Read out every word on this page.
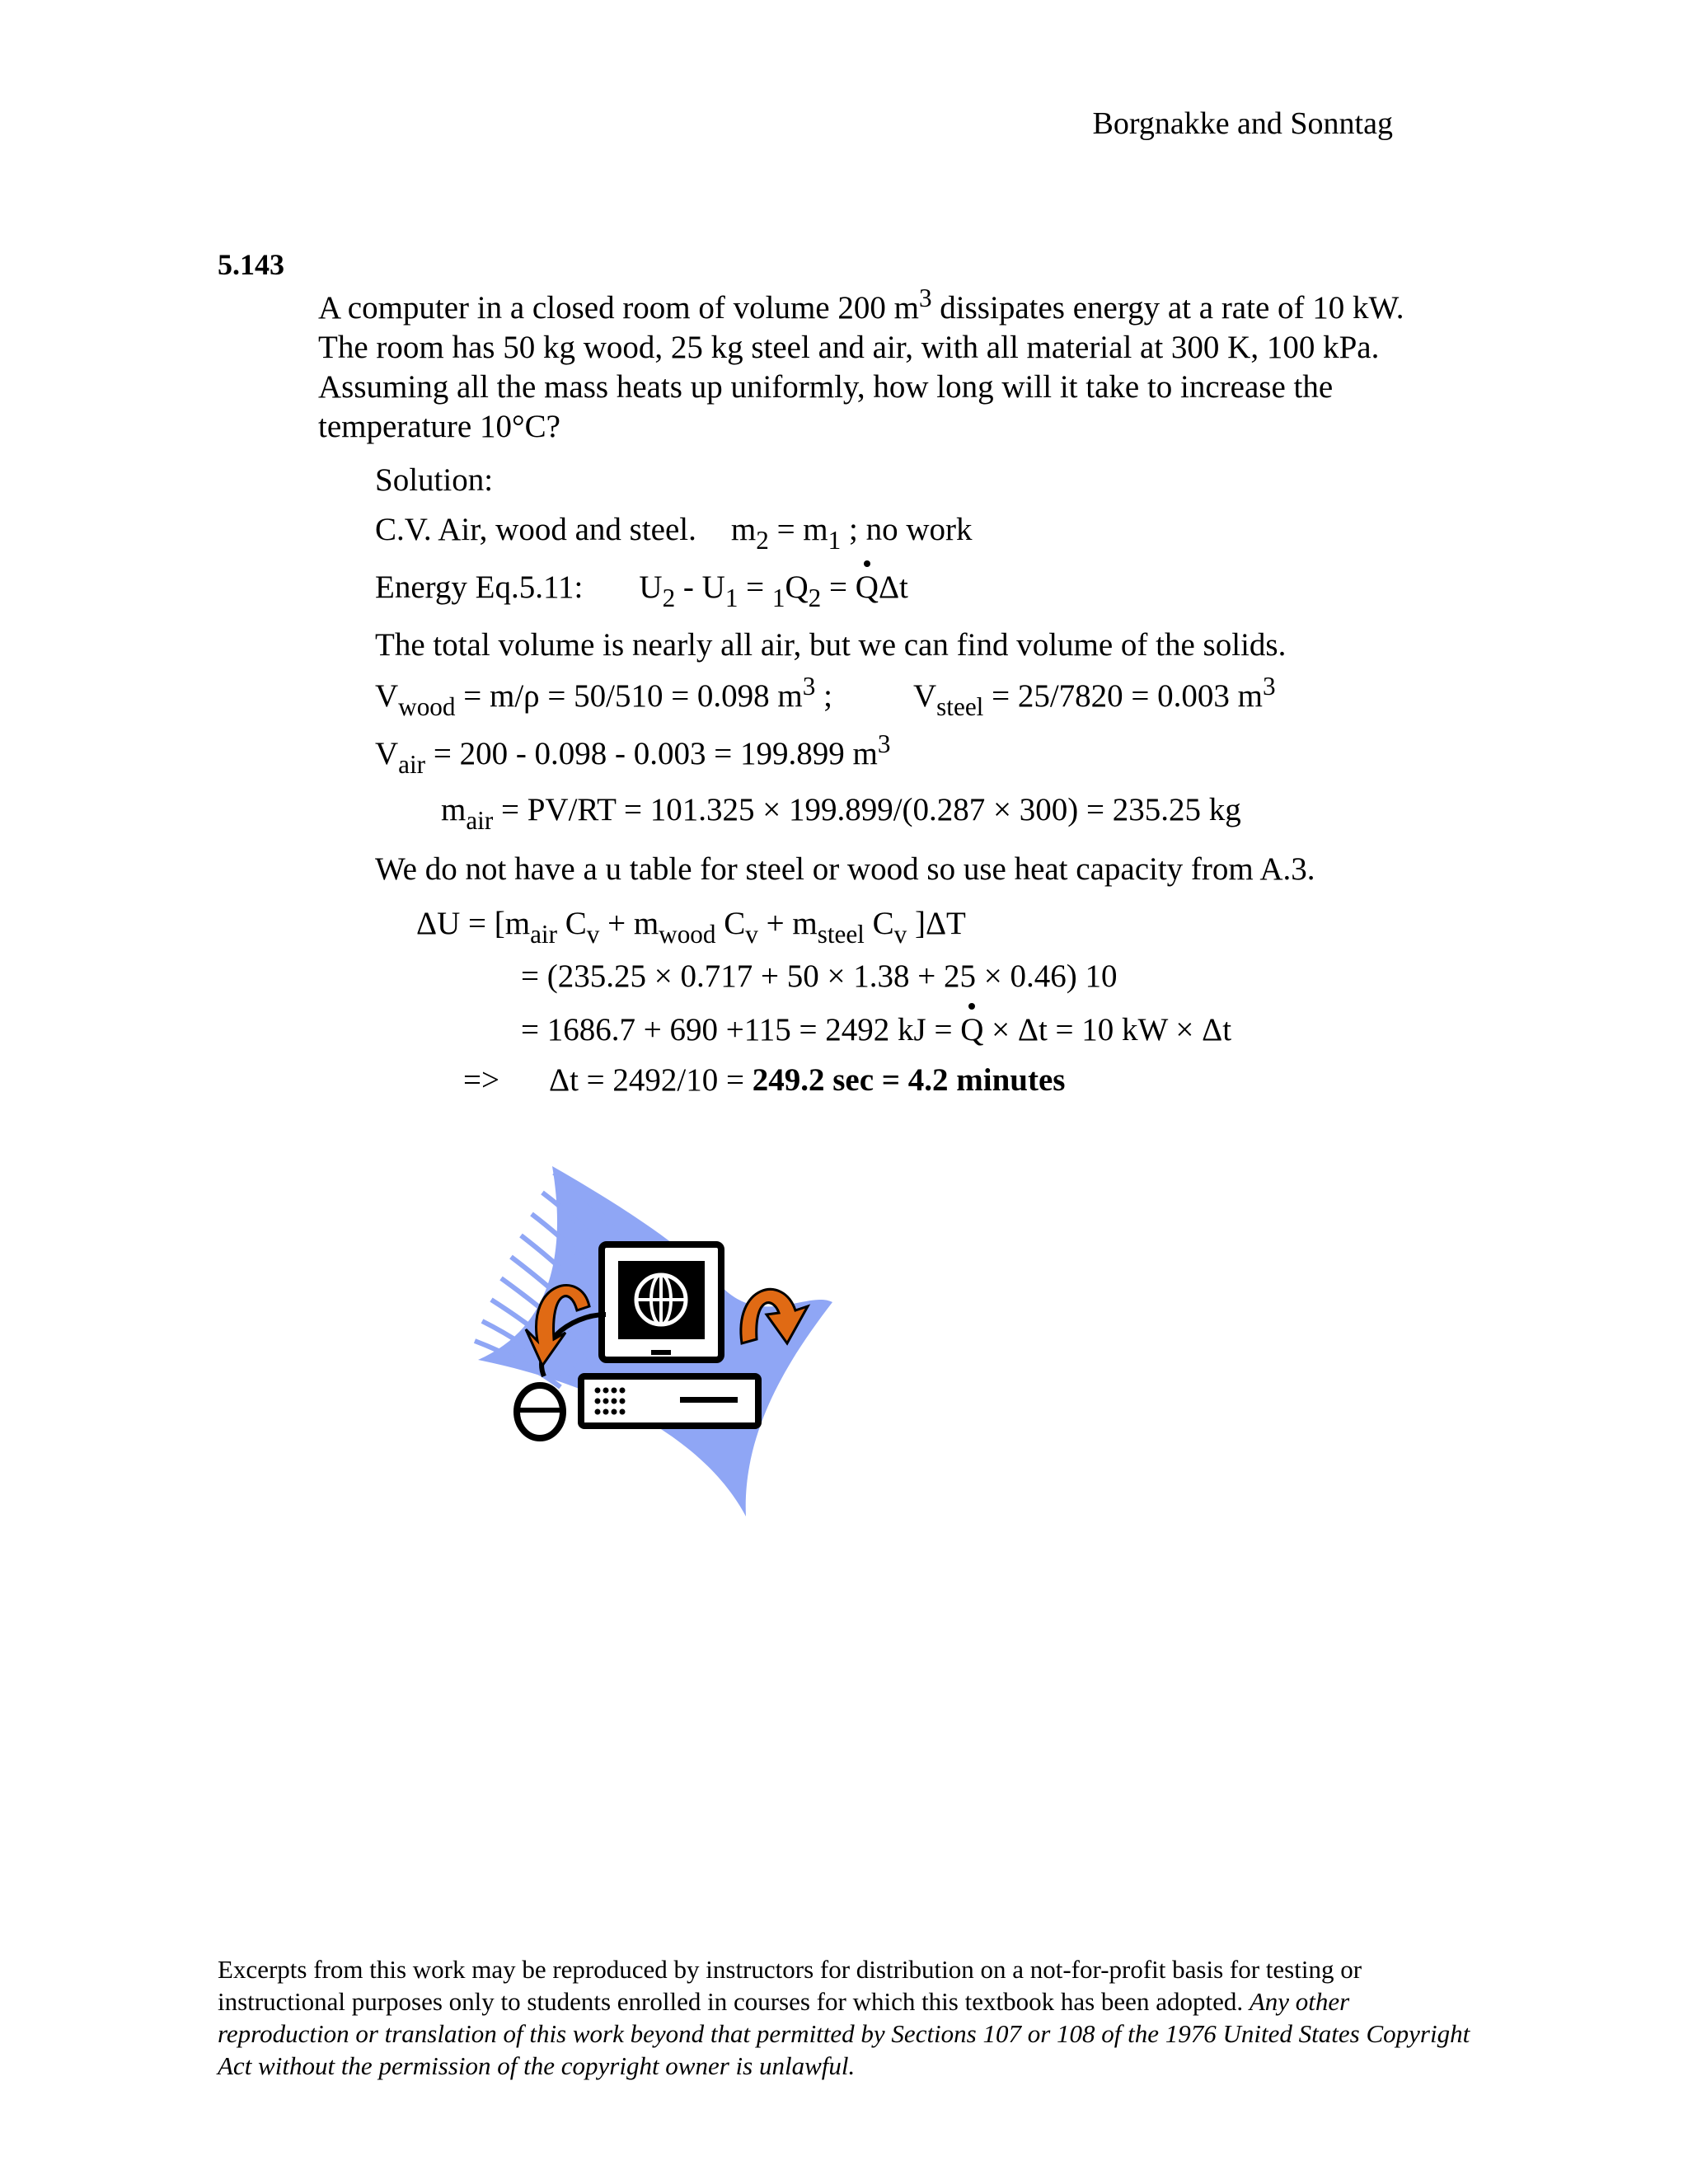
Borgnakke and Sonntag
5.143

A computer in a closed room of volume 200 $m^3$ dissipates energy at a rate of 10 kW.

The room has 50 kg wood, 25 kg steel and air, with all material at 300 K, 100 kPa.

Assuming all the mass heats up uniformly, how long will it take to increase the

temperature 10°C?

Solution:
C.V. Air, wood and steel. $m_2 = m_1$ ; no work
Energy Eq.5.11: $U_2 - U_1 = _1Q_2 = Q\Delta t$
The total volume is nearly all air, but we can find volume of the solids.
$V_{wood} = m/\rho = 50/510 = 0.098$ $m^3$ ;	$V_{steel} = 25/7820 = 0.003$ $m^3$
$V_{air} = 200 - 0.098 - 0.003 = 199.899$ $m^3$
$m_{air} = PV/RT = 101.325 \times 199.899/(0.287 \times 300) = 235.25$ kg
We do not have a u table for steel or wood so use heat capacity from A.3.
$\Delta U = [m_{air}$ $C_v + m_{wood}$ $C_v + m_{steel}$ $C_v$ ]ΔT
= (235.25 × 0.717 + 50 × 1.38 + 25 × 0.46) 10
= 1686.7 + 690 +115 = 2492 kJ = Q × Δt = 10 kW × Δt
=> Δt = 2492/10 = 249.2 sec = 4.2 minutes
Excerpts from this work may be reproduced by instructors for distribution on a not-for-profit basis for testing or instructional purposes only to students enrolled in courses for which this textbook has been adopted. Any other reproduction or translation of this work beyond that permitted by Sections 107 or 108 of the 1976 United States Copyright Act without the permission of the copyright owner is unlawful.
